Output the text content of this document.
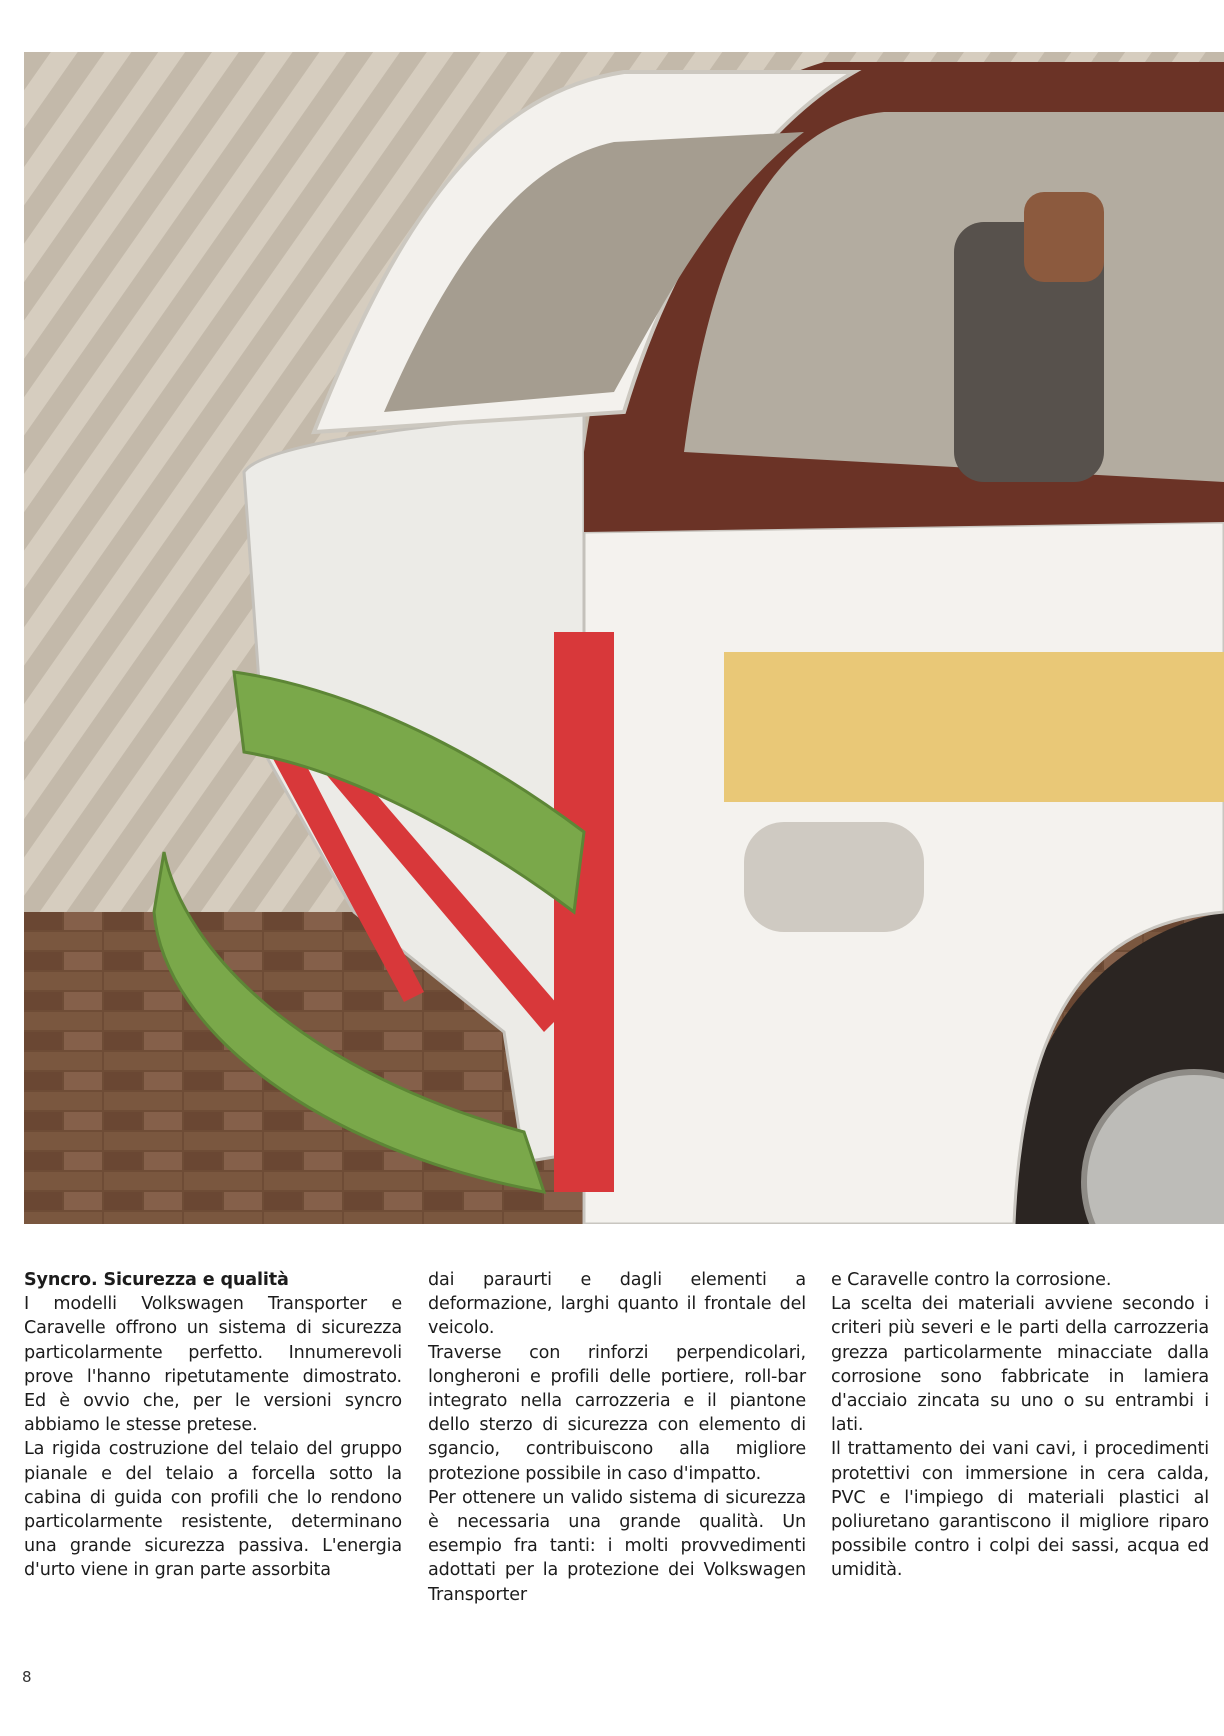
Syncro. Sicurezza e qualità

I modelli Volkswagen Transporter e Caravelle offrono un sistema di sicurezza particolarmente perfetto. Innumerevoli prove l'hanno ripetutamente dimostrato. Ed è ovvio che, per le versioni syncro abbiamo le stesse pretese.

La rigida costruzione del telaio del gruppo pianale e del telaio a forcella sotto la cabina di guida con profili che lo rendono particolarmente resistente, determinano una grande sicurezza passiva. L'energia d'urto viene in gran parte assorbita

dai paraurti e dagli elementi a deformazione, larghi quanto il frontale del veicolo.

Traverse con rinforzi perpendicolari, longheroni e profili delle portiere, roll-bar integrato nella carrozzeria e il piantone dello sterzo di sicurezza con elemento di sgancio, contribuiscono alla migliore protezione possibile in caso d'impatto.

Per ottenere un valido sistema di sicurezza è necessaria una grande qualità. Un esempio fra tanti: i molti provvedimenti adottati per la protezione dei Volkswagen Transporter

e Caravelle contro la corrosione.

La scelta dei materiali avviene secondo i criteri più severi e le parti della carrozzeria grezza particolarmente minacciate dalla corrosione sono fabbricate in lamiera d'acciaio zincata su uno o su entrambi i lati.

Il trattamento dei vani cavi, i procedimenti protettivi con immersione in cera calda, PVC e l'impiego di materiali plastici al poliuretano garantiscono il migliore riparo possibile contro i colpi dei sassi, acqua ed umidità.

8
